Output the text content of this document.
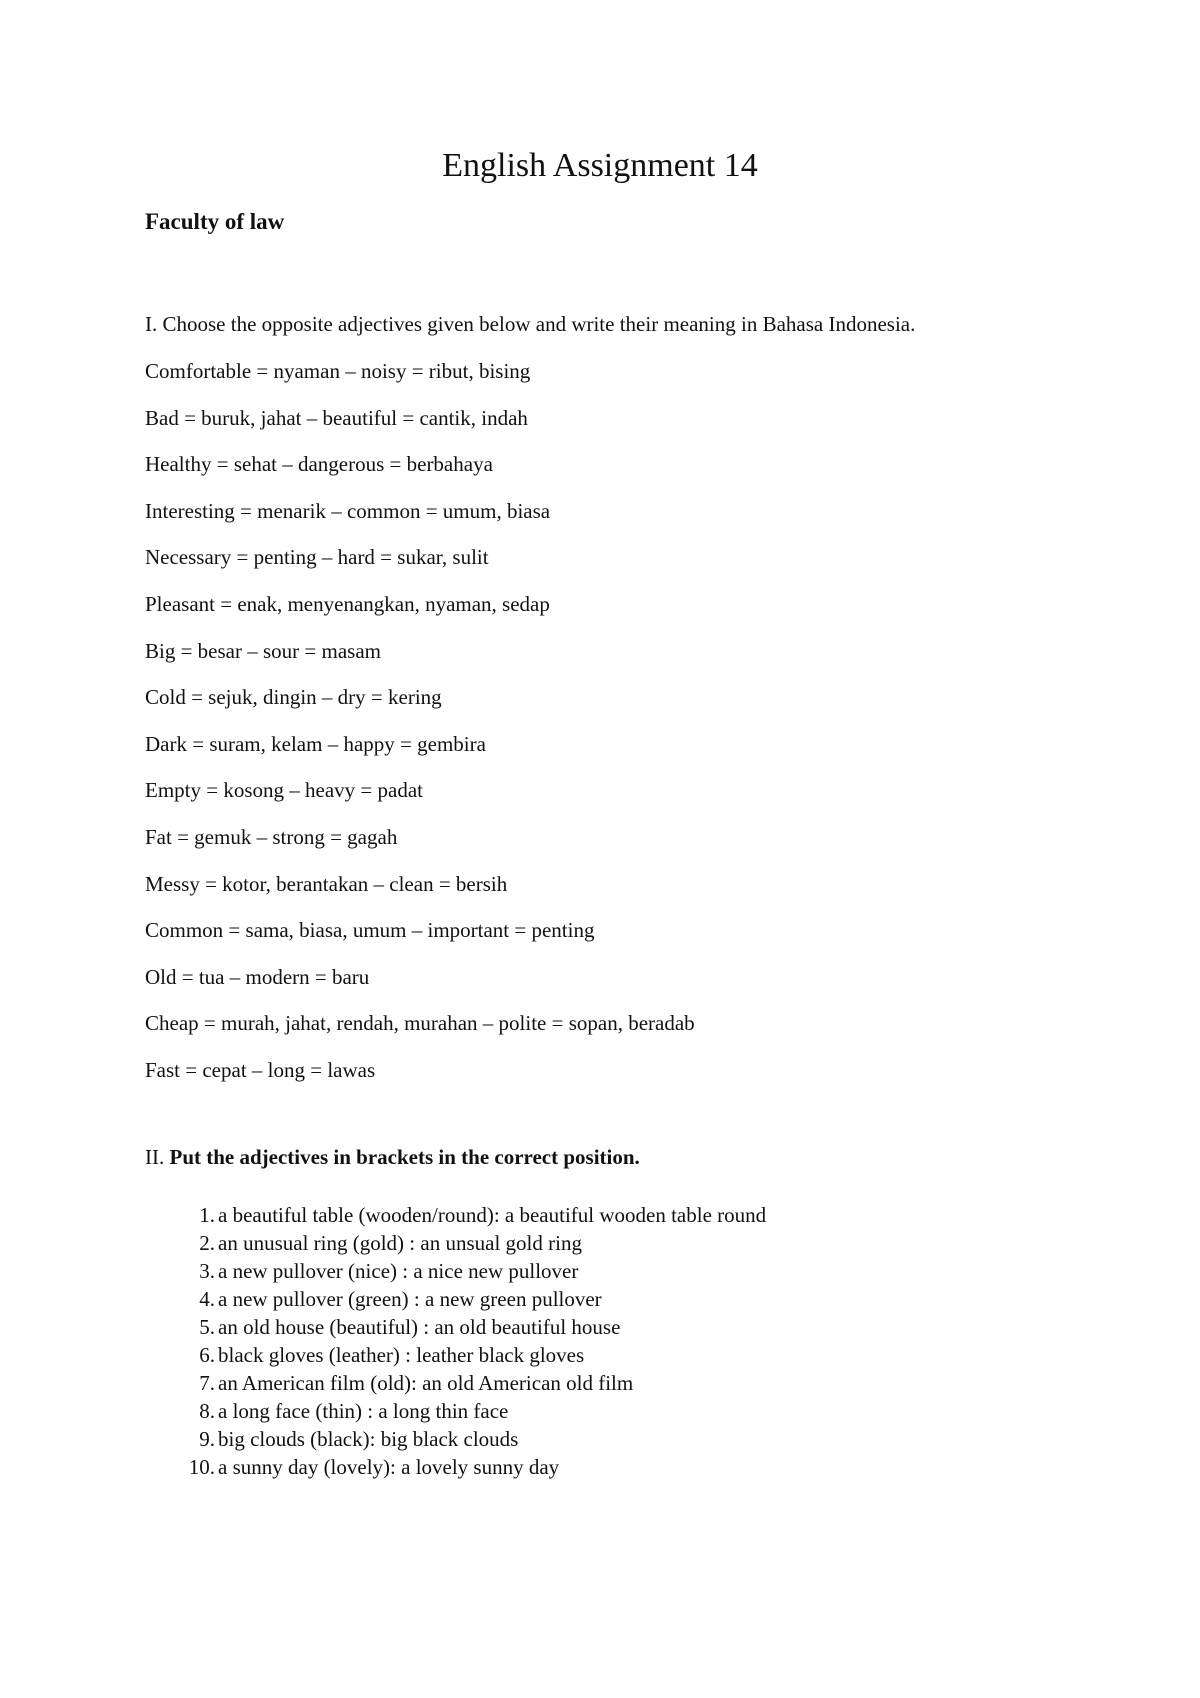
English Assignment 14

Faculty of law

I. Choose the opposite adjectives given below and write their meaning in Bahasa Indonesia.

Comfortable = nyaman – noisy = ribut, bising
Bad = buruk, jahat – beautiful = cantik, indah
Healthy = sehat – dangerous = berbahaya
Interesting = menarik – common = umum, biasa
Necessary = penting – hard = sukar, sulit
Pleasant = enak, menyenangkan, nyaman, sedap
Big = besar – sour = masam
Cold = sejuk, dingin – dry = kering
Dark = suram, kelam – happy = gembira
Empty = kosong – heavy = padat
Fat = gemuk – strong = gagah
Messy = kotor, berantakan – clean = bersih
Common = sama, biasa, umum – important = penting
Old = tua – modern = baru
Cheap = murah, jahat, rendah, murahan – polite = sopan, beradab
Fast = cepat – long = lawas

II. Put the adjectives in brackets in the correct position.

1. a beautiful table (wooden/round): a beautiful wooden table round
2. an unusual ring (gold) : an unsual gold ring
3. a new pullover (nice) : a nice new pullover
4. a new pullover (green) : a new green pullover
5. an old house (beautiful) : an old beautiful house
6. black gloves (leather) : leather black gloves
7. an American film (old): an old American old film
8. a long face (thin) : a long thin face
9. big clouds (black): big black clouds
10. a sunny day (lovely): a lovely sunny day
